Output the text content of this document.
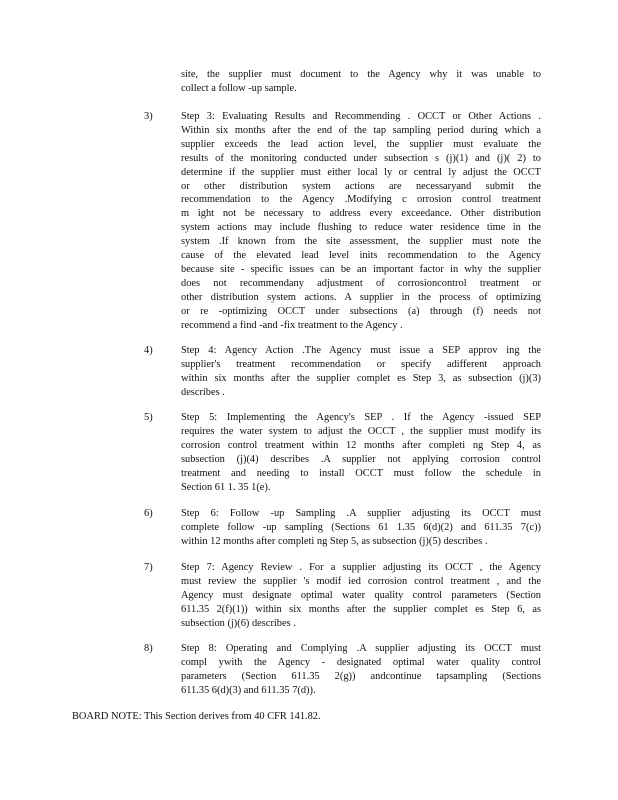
site, the supplier must document to the Agency why it was unable to
collect a follow -up sample.
3)	Step 3: Evaluating Results and Recommending . OCCT or Other Actions .
Within six months after the end of the tap sampling period during which a
supplier exceeds the lead action level, the supplier must evaluate the
results of the monitoring conducted under subsection s (j)(1) and (j)( 2) to
determine if the supplier must either local ly or central ly adjust the OCCT
or other distribution system actions are necessaryand submit the
recommendation to the Agency .Modifying c orrosion control treatment
m ight not be necessary to address every exceedance. Other distribution
system actions may include flushing to reduce water residence time in the
system .If known from the site assessment, the supplier must note the
cause of the elevated lead level inits recommendation to the Agency
because site - specific issues can be an important factor in why the supplier
does not recommendany adjustment of corrosioncontrol treatment or
other distribution system actions. A supplier in the process of optimizing
or re -optimizing OCCT under subsections (a) through (f) needs not
recommend a find -and -fix treatment to the Agency .
4)	Step 4: Agency Action .The Agency must issue a SEP approv ing the
supplier's treatment recommendation or specify adifferent approach
within six months after the supplier complet es Step 3, as subsection (j)(3)
describes .
5)	Step 5: Implementing the Agency's SEP . If the Agency -issued SEP
requires the water system to adjust the OCCT , the supplier must modify its
corrosion control treatment within 12 months after completi ng Step 4, as
subsection (j)(4) describes .A supplier not applying corrosion control
treatment and needing to install OCCT must follow the schedule in
Section 61 1. 35 1(e).
6)	Step 6: Follow -up Sampling .A supplier adjusting its OCCT must
complete follow -up sampling (Sections 61 1.35 6(d)(2) and 611.35 7(c))
within 12 months after completi ng Step 5, as subsection (j)(5) describes .
7)	Step 7: Agency Review . For a supplier adjusting its OCCT , the Agency
must review the supplier 's modif ied corrosion control treatment , and the
Agency must designate optimal water quality control parameters (Section
611.35 2(f)(1)) within six months after the supplier complet es Step 6, as
subsection (j)(6) describes .
8)	Step 8: Operating and Complying .A supplier adjusting its OCCT must
compl ywith the Agency - designated optimal water quality control
parameters (Section 611.35 2(g)) andcontinue tapsampling (Sections
611.35 6(d)(3) and 611.35 7(d)).
BOARD NOTE: This Section derives from 40 CFR 141.82.
